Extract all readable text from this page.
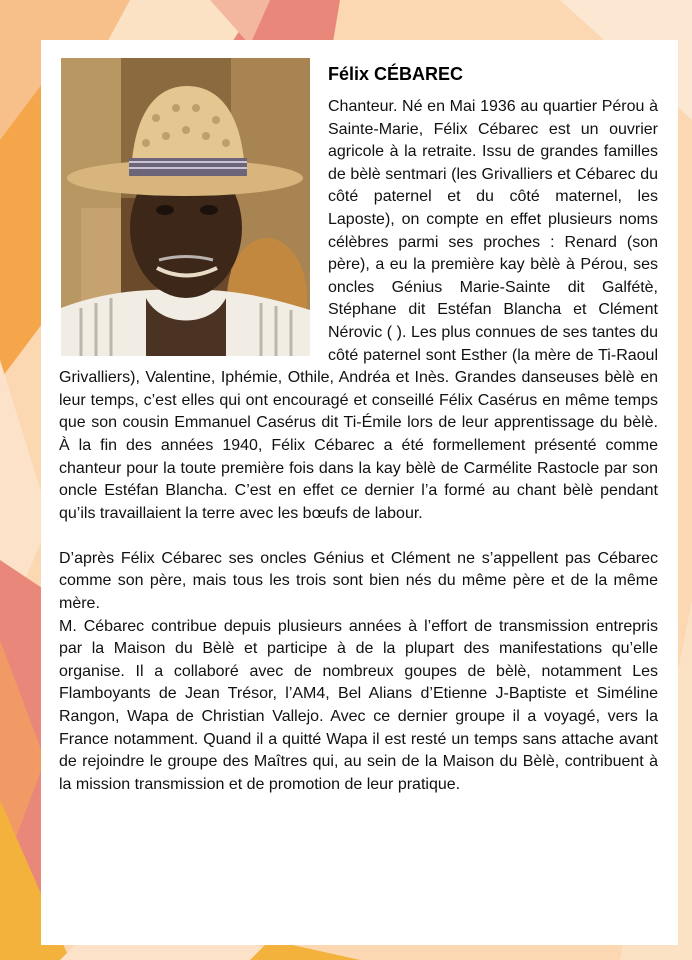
Félix CÉBAREC

Chanteur. Né en Mai 1936 au quartier Pérou à Sainte-Marie, Félix Cébarec est un ouvrier agricole à la retraite. Issu de grandes familles de bèlè sentmari (les Grivalliers et Cébarec du côté paternel et du côté maternel, les Laposte), on compte en effet plusieurs noms célèbres parmi ses proches : Renard (son père), a eu la première kay bèlè à Pérou, ses oncles Génius Marie-Sainte dit Galfétè, Stéphane dit Estéfan Blancha et Clément Nérovic ( ). Les plus connues de ses tantes du côté paternel sont Esther (la mère de Ti-Raoul Grivalliers), Valentine, Iphémie, Othile, Andréa et Inès. Grandes danseuses bèlè en leur temps, c’est elles qui ont encouragé et conseillé Félix Casérus en même temps que son cousin Emmanuel Casérus dit Ti-Émile lors de leur apprentissage du bèlè. À la fin des années 1940, Félix Cébarec a été formellement présenté comme chanteur pour la toute première fois dans la kay bèlè de Carmélite Rastocle par son oncle Estéfan Blancha. C’est en effet ce dernier l’a formé au chant bèlè pendant qu’ils travaillaient la terre avec les bœufs de labour.

D’après Félix Cébarec ses oncles Génius et Clément ne s’appellent pas Cébarec comme son père, mais tous les trois sont bien nés du même père et de la même mère.

M. Cébarec contribue depuis plusieurs années à l’effort de transmission entrepris par la Maison du Bèlè et participe à de la plupart des manifestations qu’elle organise. Il a collaboré avec de nombreux goupes de bèlè, notamment Les Flamboyants de Jean Trésor, l’AM4, Bel Alians d’Etienne J-Baptiste et Siméline Rangon, Wapa de Christian Vallejo. Avec ce dernier groupe il a voyagé, vers la France notamment. Quand il a quitté Wapa il est resté un temps sans attache avant de rejoindre le groupe des Maîtres qui, au sein de la Maison du Bèlè, contribuent à la mission transmission et de promotion de leur pratique.
